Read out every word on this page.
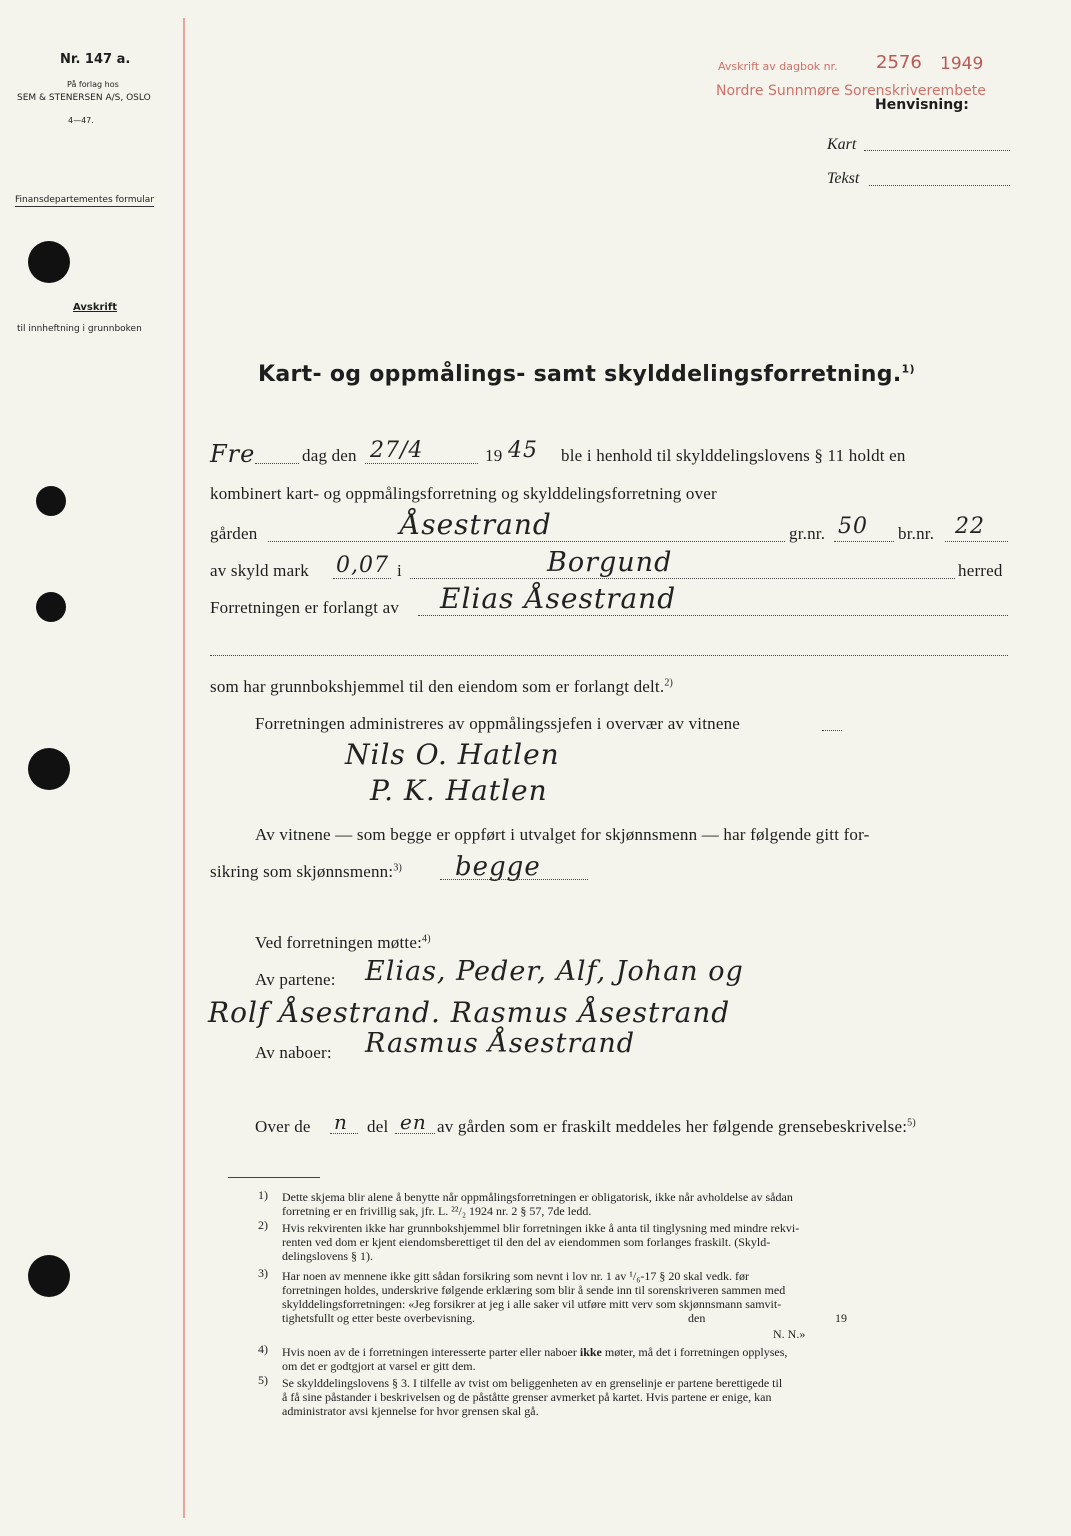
Nr. 147 a.
På forlag hos
SEM & STENERSEN A/S, OSLO
4—47.
Finansdepartementes formular
Avskrift
til innheftning i grunnboken
Avskrift av dagbok nr. 2576 1949
Nordre Sunnmøre Sorenskriverembete
Henvisning:
Kart
Tekst
Kart- og oppmålings- samt skylddelingsforretning.$^{1)}$
Fre	dag den 27/4	19 45 ble i henhold til skylddelingslovens § 11 holdt en
kombinert kart- og oppmålingsforretning og skylddelingsforretning over
gården	Åsestrand	gr.nr. 50 br.nr. 22
av skyld mark 0,07 i	Borgund	herred
Forretningen er forlangt av Elias Åsestrand
som har grunnbokshjemmel til den eiendom som er forlangt delt.$^{2)}$
Forretningen administreres av oppmålingssjefen i overvær av vitnene
Nils O. Hatlen
P. K. Hatlen
Av vitnene — som begge er oppført i utvalget for skjønnsmenn — har følgende gitt for-
sikring som skjønnsmenn:$^{3)}$ begge
Ved forretningen møtte:$^{4)}$
Av partene: Elias, Peder, Alf, Johan og
Rolf Åsestrand. Rasmus Åsestrand
Av naboer: Rasmus Åsestrand
Over de n del en av gården som er fraskilt meddeles her følgende grensebeskrivelse:$^{5)}$
1) Dette skjema blir alene å benytte når oppmålingsforretningen er obligatorisk, ikke når avholdelse av sådan
forretning er en frivillig sak, jfr. L. ²²/₂ 1924 nr. 2 § 57, 7de ledd.
2) Hvis rekvirenten ikke har grunnbokshjemmel blir forretningen ikke å anta til tinglysning med mindre rekvi-
renten ved dom er kjent eiendomsberettiget til den del av eiendommen som forlanges fraskilt. (Skyld-
delingslovens § 1).
3) Har noen av mennene ikke gitt sådan forsikring som nevnt i lov nr. 1 av ¹/₆-17 § 20 skal vedk. før
forretningen holdes, underskrive følgende erklæring som blir å sende inn til sorenskriveren sammen med
skylddelingsforretningen: «Jeg forsikrer at jeg i alle saker vil utføre mitt verv som skjønnsmann samvit-
tighetsfullt og etter beste overbevisning.	den	19
N. N.»
4) Hvis noen av de i forretningen interesserte parter eller naboer ikke møter, må det i forretningen opplyses,
om det er godtgjort at varsel er gitt dem.
5) Se skylddelingslovens § 3. I tilfelle av tvist om beliggenheten av en grenselinje er partene berettigede til
å få sine påstander i beskrivelsen og de påståtte grenser avmerket på kartet. Hvis partene er enige, kan
administrator avsi kjennelse for hvor grensen skal gå.
